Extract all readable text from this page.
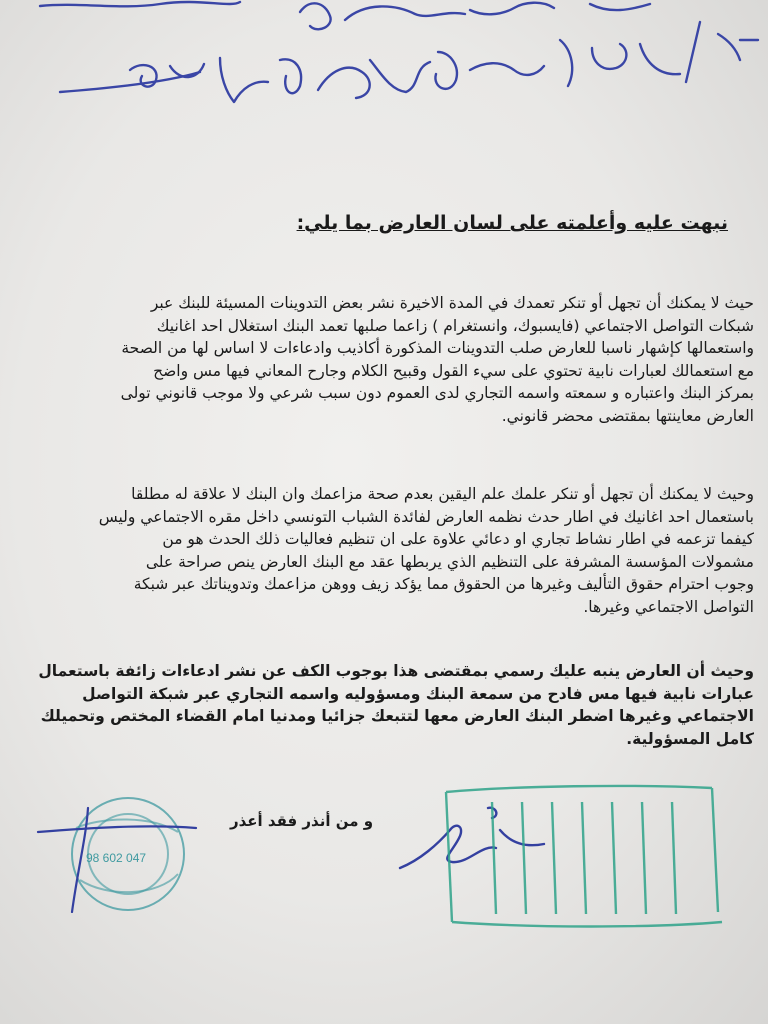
نبهت عليه وأعلمته على لسان العارض بما يلي:
حيث لا يمكنك أن تجهل أو تنكر تعمدك في المدة الاخيرة نشر بعض التدوينات المسيئة للبنك عبر
شبكات التواصل الاجتماعي (فايسبوك، وانستغرام ) زاعما صلبها تعمد البنك استغلال احد اغانيك
واستعمالها كإشهار ناسبا للعارض صلب التدوينات المذكورة أكاذيب وادعاءات لا اساس لها من الصحة
مع استعمالك لعبارات نابية تحتوي على سيء القول وقبيح الكلام وجارح المعاني فيها مس واضح
بمركز البنك واعتباره و سمعته واسمه التجاري لدى العموم دون سبب شرعي ولا موجب قانوني تولى
العارض معاينتها بمقتضى محضر قانوني.
وحيث لا يمكنك أن تجهل أو تنكر علمك علم اليقين بعدم صحة مزاعمك وان البنك لا علاقة له مطلقا
باستعمال احد اغانيك في اطار حدث نظمه العارض لفائدة الشباب التونسي داخل مقره الاجتماعي وليس
كيفما تزعمه في اطار نشاط تجاري او دعائي علاوة على ان تنظيم فعاليات ذلك الحدث هو من
مشمولات المؤسسة المشرفة على التنظيم الذي يربطها عقد مع البنك العارض ينص صراحة على
وجوب احترام حقوق التأليف وغيرها من الحقوق مما يؤكد زيف ووهن مزاعمك وتدويناتك عبر شبكة
التواصل الاجتماعي وغيرها.
وحيث أن العارض ينبه عليك رسمي بمقتضى هذا بوجوب الكف عن نشر ادعاءات زائفة باستعمال
عبارات نابية فيها مس فادح من سمعة البنك ومسؤوليه واسمه التجاري عبر شبكة التواصل
الاجتماعي وغيرها اضطر البنك العارض معها لتتبعك جزائيا ومدنيا امام القضاء المختص وتحميلك
كامل المسؤولية.
و من أنذر فقد أعذر
98 602 047
